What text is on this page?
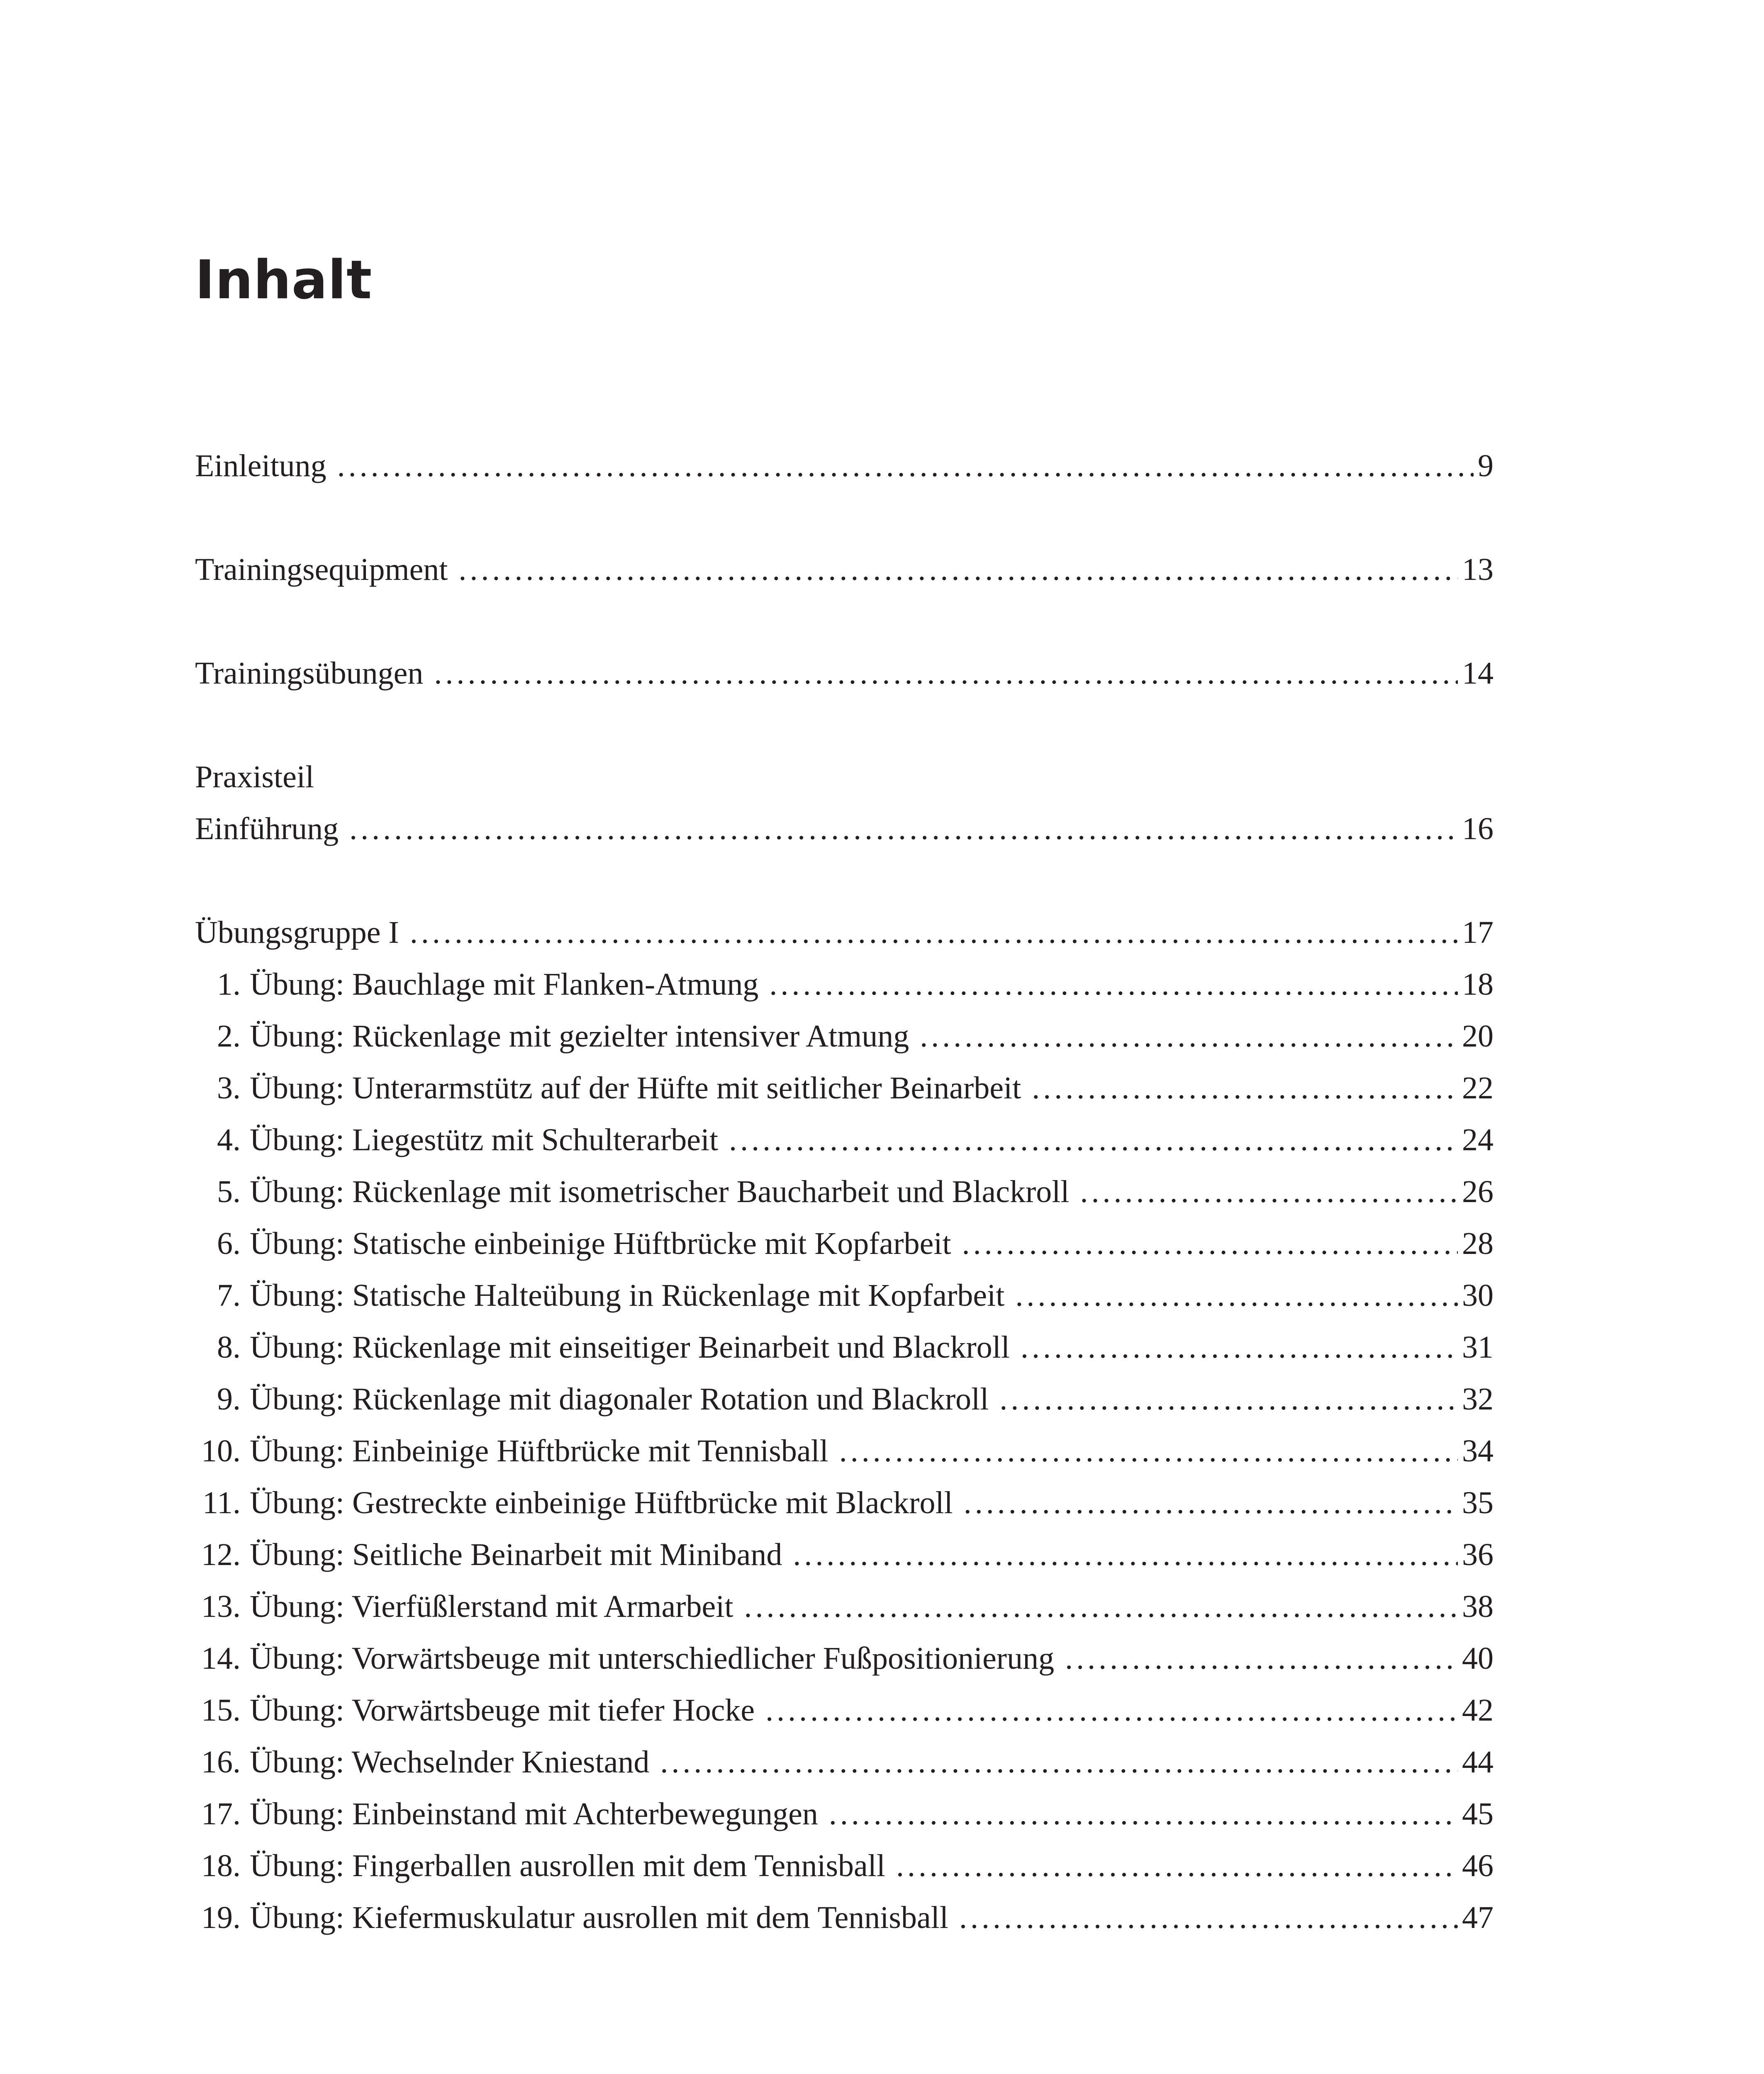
Inhalt
Einleitung .....	9
Trainingsequipment .....	13
Trainingsübungen .....	14
Praxisteil
Einführung .....	16
Übungsgruppe I .....	17
1. Übung: Bauchlage mit Flanken-Atmung .....	18
2. Übung: Rückenlage mit gezielter intensiver Atmung .....	20
3. Übung: Unterarmstütz auf der Hüfte mit seitlicher Beinarbeit .....	22
4. Übung: Liegestütz mit Schulterarbeit .....	24
5. Übung: Rückenlage mit isometrischer Baucharbeit und Blackroll .....	26
6. Übung: Statische einbeinige Hüftbrücke mit Kopfarbeit .....	28
7. Übung: Statische Halteübung in Rückenlage mit Kopfarbeit .....	30
8. Übung: Rückenlage mit einseitiger Beinarbeit und Blackroll .....	31
9. Übung: Rückenlage mit diagonaler Rotation und Blackroll .....	32
10. Übung: Einbeinige Hüftbrücke mit Tennisball .....	34
11. Übung: Gestreckte einbeinige Hüftbrücke mit Blackroll .....	35
12. Übung: Seitliche Beinarbeit mit Miniband .....	36
13. Übung: Vierfüßlerstand mit Armarbeit .....	38
14. Übung: Vorwärtsbeuge mit unterschiedlicher Fußpositionierung .....	40
15. Übung: Vorwärtsbeuge mit tiefer Hocke .....	42
16. Übung: Wechselnder Kniestand .....	44
17. Übung: Einbeinstand mit Achterbewegungen .....	45
18. Übung: Fingerballen ausrollen mit dem Tennisball .....	46
19. Übung: Kiefermuskulatur ausrollen mit dem Tennisball .....	47
